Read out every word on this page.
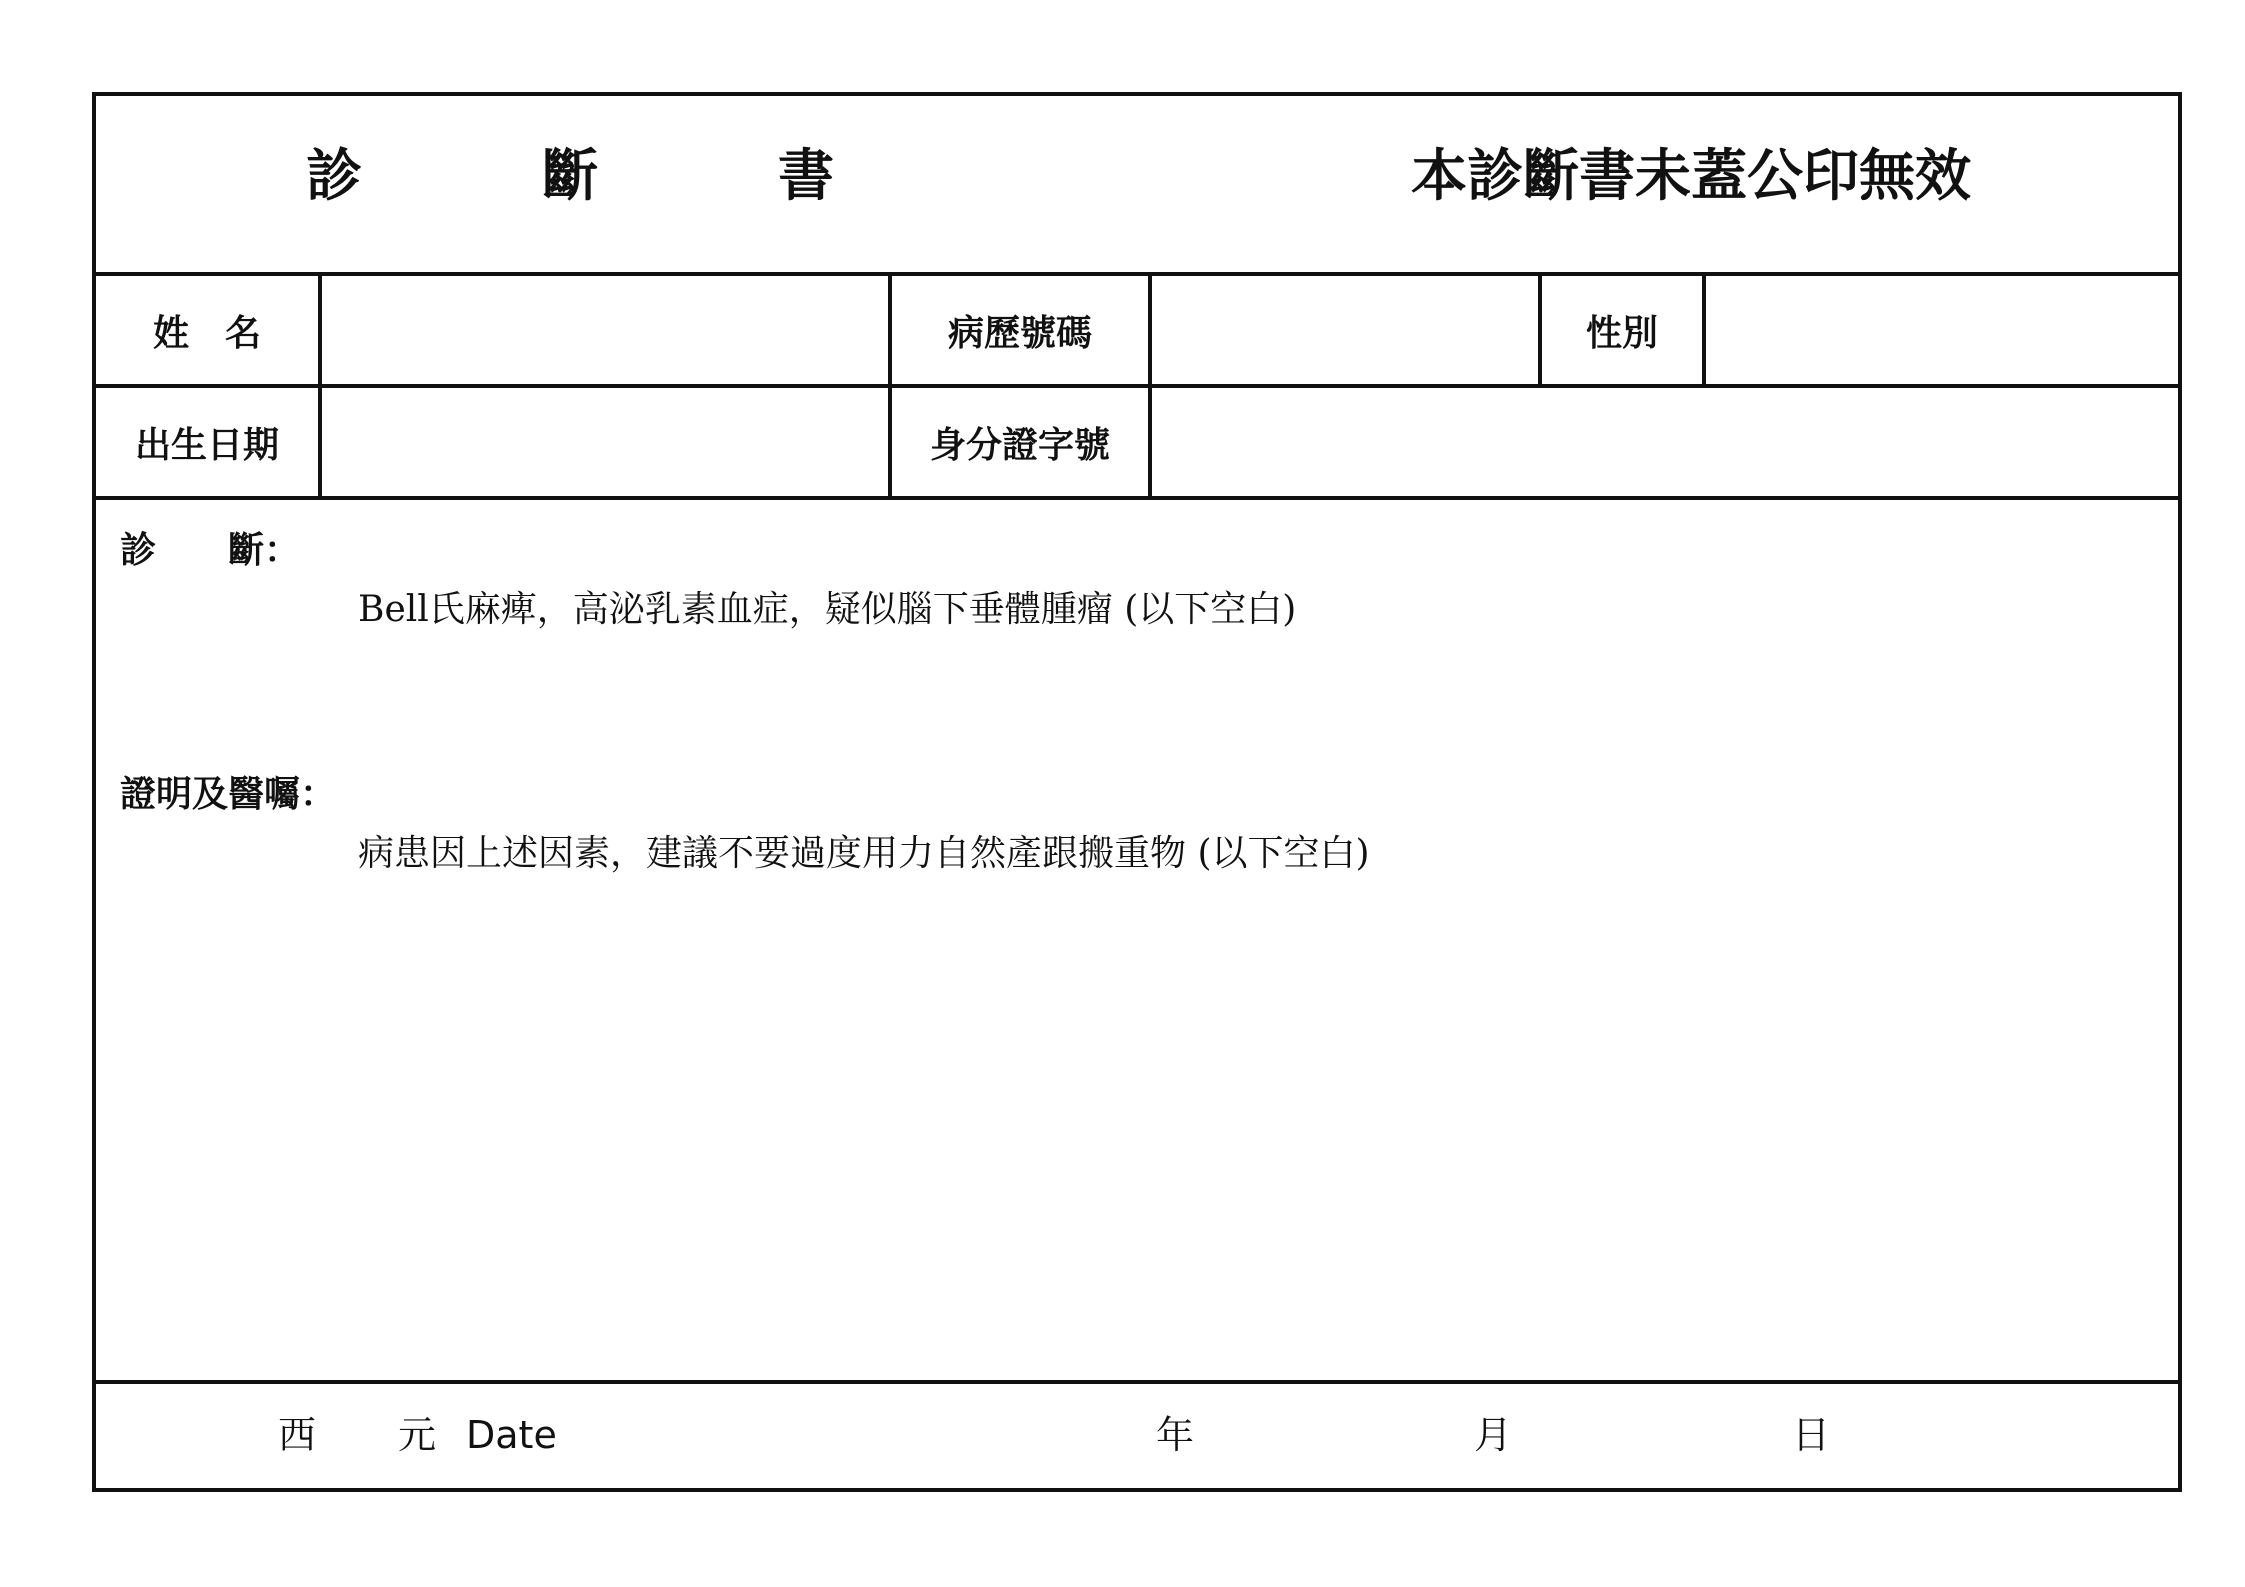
診　斷　書	本診斷書未蓋公印無效
姓　名	病歷號碼	性別
出生日期	身分證字號
診　　斷：
Bell氏麻痺，高泌乳素血症，疑似腦下垂體腫瘤 (以下空白)
證明及醫囑：
病患因上述因素，建議不要過度用力自然產跟搬重物 (以下空白)
西 元 Date	年	月	日
